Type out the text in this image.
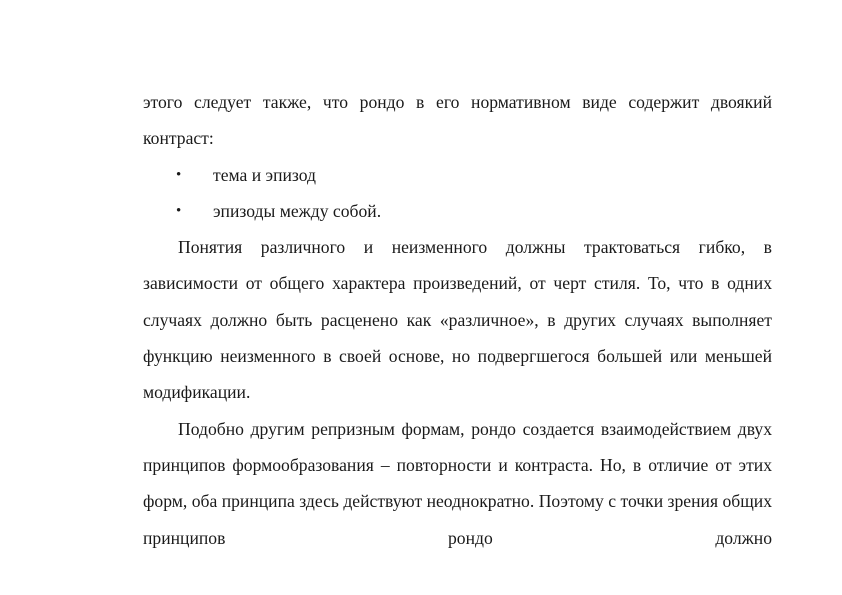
этого следует также, что рондо в его нормативном виде содержит двоякий контраст:

• тема и эпизод
• эпизоды между собой.

Понятия различного и неизменного должны трактоваться гибко, в зависимости от общего характера произведений, от черт стиля. То, что в одних случаях должно быть расценено как «различное», в других случаях выполняет функцию неизменного в своей основе, но подвергшегося большей или меньшей модификации.

Подобно другим репризным формам, рондо создается взаимодействием двух принципов формообразования – повторности и контраста. Но, в отличие от этих форм, оба принципа здесь действуют неоднократно. Поэтому с точки зрения общих принципов рондо должно
